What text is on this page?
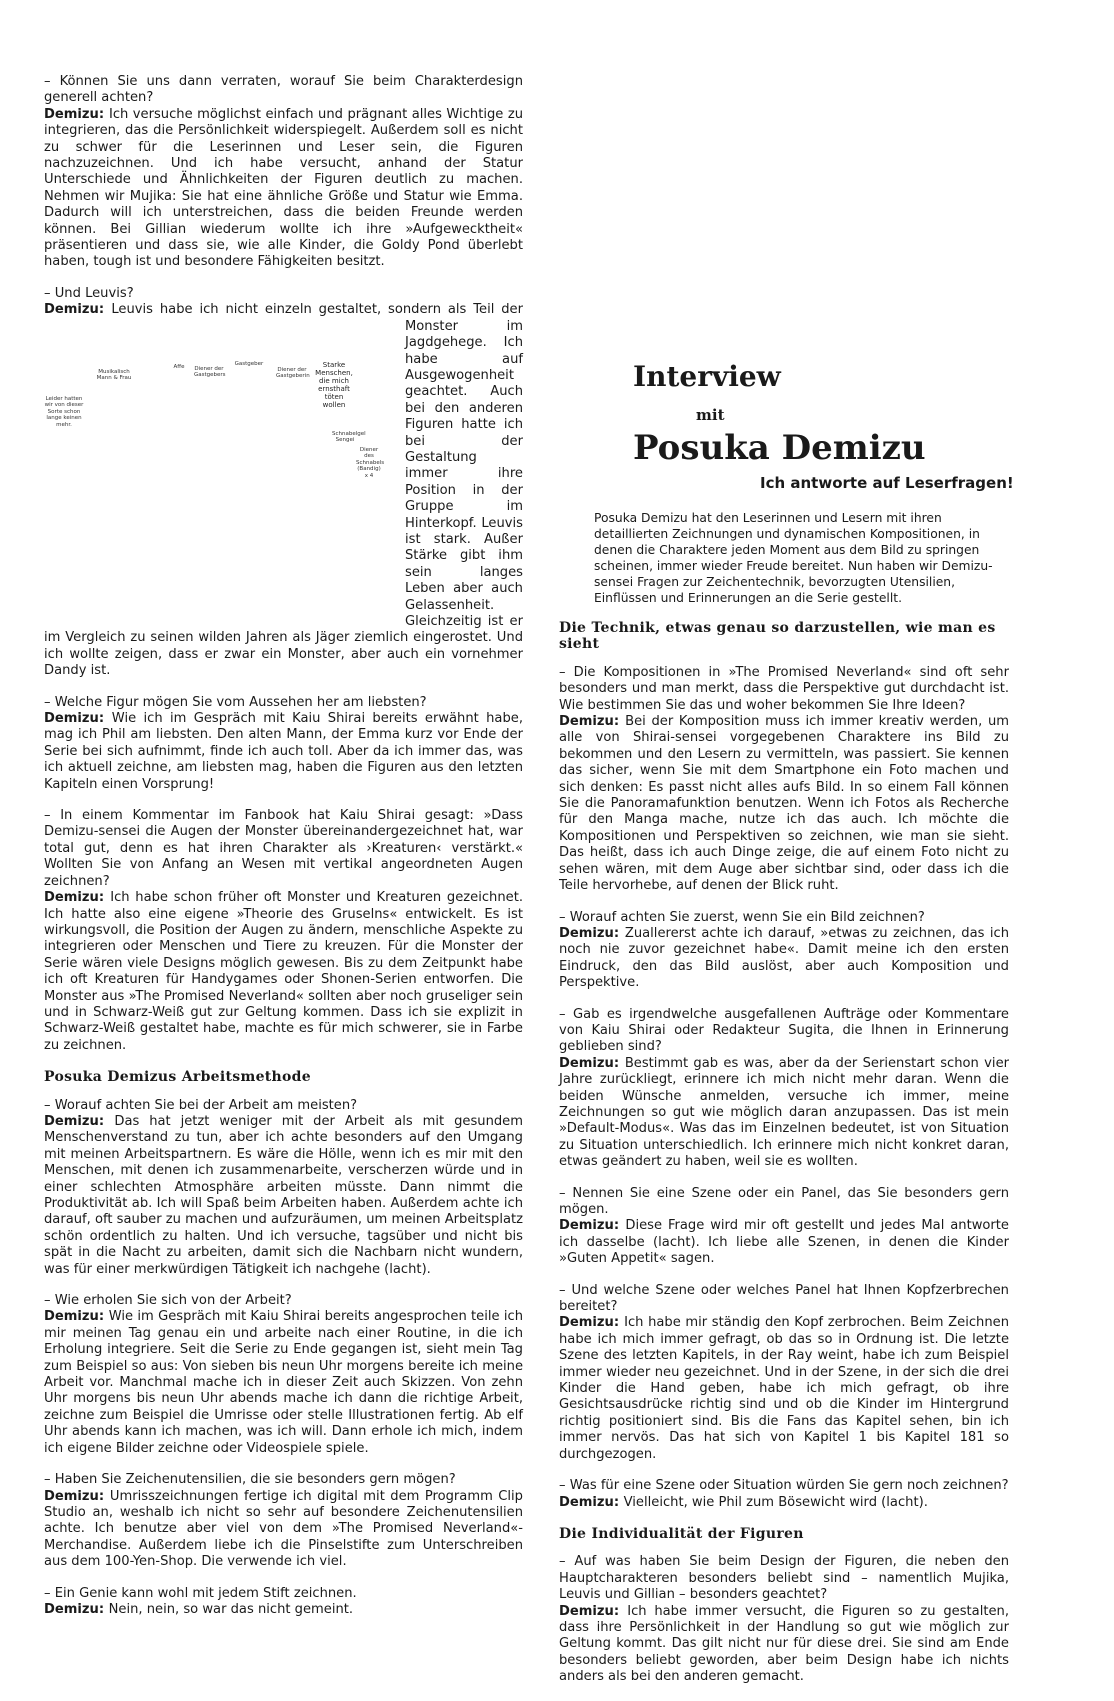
– Können Sie uns dann verraten, worauf Sie beim Charakterdesign generell achten?
Demizu: Ich versuche möglichst einfach und prägnant alles Wichtige zu integrieren, das die Persönlichkeit widerspiegelt. Außerdem soll es nicht zu schwer für die Leserinnen und Leser sein, die Figuren nachzuzeichnen. Und ich habe versucht, anhand der Statur Unterschiede und Ähnlichkeiten der Figuren deutlich zu machen. Nehmen wir Mujika: Sie hat eine ähnliche Größe und Statur wie Emma. Dadurch will ich unterstreichen, dass die beiden Freunde werden können. Bei Gillian wiederum wollte ich ihre »Aufgewecktheit« präsentieren und dass sie, wie alle Kinder, die Goldy Pond überlebt haben, tough ist und besondere Fähigkeiten besitzt.

– Und Leuvis?
Demizu: Leuvis habe ich nicht einzeln gestaltet, sondern als Teil der Monster
Leider hatten wir von dieser Sorte schon lange keinen mehr.
Musikalisch Mann & Frau
Affe	Diener der Gastgebers
Gastgeber
Diener der Gastgeberin
Starke Menschen, die mich ernsthaft töten wollen
Schnabelgel Sengei
Diener des Schnabels (Bandig) x 4
im Jagdgehege. Ich habe auf Ausgewogenheit geachtet. Auch bei den anderen Figuren hatte ich bei der Gestaltung immer ihre Position in der Gruppe im Hinterkopf. Leuvis ist stark. Außer Stärke gibt ihm sein langes Leben aber auch Gelassenheit. Gleichzeitig ist er im Vergleich zu seinen wilden Jahren als Jäger ziemlich eingerostet. Und ich wollte zeigen, dass er zwar ein Monster, aber auch ein vornehmer Dandy ist.

– Welche Figur mögen Sie vom Aussehen her am liebsten?
Demizu: Wie ich im Gespräch mit Kaiu Shirai bereits erwähnt habe, mag ich Phil am liebsten. Den alten Mann, der Emma kurz vor Ende der Serie bei sich aufnimmt, finde ich auch toll. Aber da ich immer das, was ich aktuell zeichne, am liebsten mag, haben die Figuren aus den letzten Kapiteln einen Vorsprung!

– In einem Kommentar im Fanbook hat Kaiu Shirai gesagt: »Dass Demizu-sensei die Augen der Monster übereinandergezeichnet hat, war total gut, denn es hat ihren Charakter als ›Kreaturen‹ verstärkt.« Wollten Sie von Anfang an Wesen mit vertikal angeordneten Augen zeichnen?
Demizu: Ich habe schon früher oft Monster und Kreaturen gezeichnet. Ich hatte also eine eigene »Theorie des Gruselns« entwickelt. Es ist wirkungsvoll, die Position der Augen zu ändern, menschliche Aspekte zu integrieren oder Menschen und Tiere zu kreuzen. Für die Monster der Serie wären viele Designs möglich gewesen. Bis zu dem Zeitpunkt habe ich oft Kreaturen für Handygames oder Shonen-Serien entworfen. Die Monster aus »The Promised Neverland« sollten aber noch gruseliger sein und in Schwarz-Weiß gut zur Geltung kommen. Dass ich sie explizit in Schwarz-Weiß gestaltet habe, machte es für mich schwerer, sie in Farbe zu zeichnen.

Posuka Demizus Arbeitsmethode

– Worauf achten Sie bei der Arbeit am meisten?
Demizu: Das hat jetzt weniger mit der Arbeit als mit gesundem Menschenverstand zu tun, aber ich achte besonders auf den Umgang mit meinen Arbeitspartnern. Es wäre die Hölle, wenn ich es mir mit den Menschen, mit denen ich zusammenarbeite, verscherzen würde und in einer schlechten Atmosphäre arbeiten müsste. Dann nimmt die Produktivität ab. Ich will Spaß beim Arbeiten haben. Außerdem achte ich darauf, oft sauber zu machen und aufzuräumen, um meinen Arbeitsplatz schön ordentlich zu halten. Und ich versuche, tagsüber und nicht bis spät in die Nacht zu arbeiten, damit sich die Nachbarn nicht wundern, was für einer merkwürdigen Tätigkeit ich nachgehe (lacht).

– Wie erholen Sie sich von der Arbeit?
Demizu: Wie im Gespräch mit Kaiu Shirai bereits angesprochen teile ich mir meinen Tag genau ein und arbeite nach einer Routine, in die ich Erholung integriere. Seit die Serie zu Ende gegangen ist, sieht mein Tag zum Beispiel so aus: Von sieben bis neun Uhr morgens bereite ich meine Arbeit vor. Manchmal mache ich in dieser Zeit auch Skizzen. Von zehn Uhr morgens bis neun Uhr abends mache ich dann die richtige Arbeit, zeichne zum Beispiel die Umrisse oder stelle Illustrationen fertig. Ab elf Uhr abends kann ich machen, was ich will. Dann erhole ich mich, indem ich eigene Bilder zeichne oder Videospiele spiele.

– Haben Sie Zeichenutensilien, die sie besonders gern mögen?
Demizu: Umrisszeichnungen fertige ich digital mit dem Programm Clip Studio an, weshalb ich nicht so sehr auf besondere Zeichenutensilien achte. Ich benutze aber viel von dem »The Promised Neverland«-Merchandise. Außerdem liebe ich die Pinselstifte zum Unterschreiben aus dem 100-Yen-Shop. Die verwende ich viel.

– Ein Genie kann wohl mit jedem Stift zeichnen.
Demizu: Nein, nein, so war das nicht gemeint.

Interview
mit
Posuka Demizu
Ich antworte auf Leserfragen!
Posuka Demizu hat den Leserinnen und Lesern mit ihren detaillierten Zeichnungen und dynamischen Kompositionen, in denen die Charaktere jeden Moment aus dem Bild zu springen scheinen, immer wieder Freude bereitet. Nun haben wir Demizu-sensei Fragen zur Zeichentechnik, bevorzugten Utensilien, Einflüssen und Erinnerungen an die Serie gestellt.
Die Technik, etwas genau so darzustellen, wie man es sieht

– Die Kompositionen in »The Promised Neverland« sind oft sehr besonders und man merkt, dass die Perspektive gut durchdacht ist. Wie bestimmen Sie das und woher bekommen Sie Ihre Ideen?
Demizu: Bei der Komposition muss ich immer kreativ werden, um alle von Shirai-sensei vorgegebenen Charaktere ins Bild zu bekommen und den Lesern zu vermitteln, was passiert. Sie kennen das sicher, wenn Sie mit dem Smartphone ein Foto machen und sich denken: Es passt nicht alles aufs Bild. In so einem Fall können Sie die Panoramafunktion benutzen. Wenn ich Fotos als Recherche für den Manga mache, nutze ich das auch. Ich möchte die Kompositionen und Perspektiven so zeichnen, wie man sie sieht. Das heißt, dass ich auch Dinge zeige, die auf einem Foto nicht zu sehen wären, mit dem Auge aber sichtbar sind, oder dass ich die Teile hervorhebe, auf denen der Blick ruht.

– Worauf achten Sie zuerst, wenn Sie ein Bild zeichnen?
Demizu: Zuallererst achte ich darauf, »etwas zu zeichnen, das ich noch nie zuvor gezeichnet habe«. Damit meine ich den ersten Eindruck, den das Bild auslöst, aber auch Komposition und Perspektive.

– Gab es irgendwelche ausgefallenen Aufträge oder Kommentare von Kaiu Shirai oder Redakteur Sugita, die Ihnen in Erinnerung geblieben sind?
Demizu: Bestimmt gab es was, aber da der Serienstart schon vier Jahre zurückliegt, erinnere ich mich nicht mehr daran. Wenn die beiden Wünsche anmelden, versuche ich immer, meine Zeichnungen so gut wie möglich daran anzupassen. Das ist mein »Default-Modus«. Was das im Einzelnen bedeutet, ist von Situation zu Situation unterschiedlich. Ich erinnere mich nicht konkret daran, etwas geändert zu haben, weil sie es wollten.

– Nennen Sie eine Szene oder ein Panel, das Sie besonders gern mögen.
Demizu: Diese Frage wird mir oft gestellt und jedes Mal antworte ich dasselbe (lacht). Ich liebe alle Szenen, in denen die Kinder »Guten Appetit« sagen.

– Und welche Szene oder welches Panel hat Ihnen Kopfzerbrechen bereitet?
Demizu: Ich habe mir ständig den Kopf zerbrochen. Beim Zeichnen habe ich mich immer gefragt, ob das so in Ordnung ist. Die letzte Szene des letzten Kapitels, in der Ray weint, habe ich zum Beispiel immer wieder neu gezeichnet. Und in der Szene, in der sich die drei Kinder die Hand geben, habe ich mich gefragt, ob ihre Gesichtsausdrücke richtig sind und ob die Kinder im Hintergrund richtig positioniert sind. Bis die Fans das Kapitel sehen, bin ich immer nervös. Das hat sich von Kapitel 1 bis Kapitel 181 so durchgezogen.

– Was für eine Szene oder Situation würden Sie gern noch zeichnen?
Demizu: Vielleicht, wie Phil zum Bösewicht wird (lacht).

Die Individualität der Figuren

– Auf was haben Sie beim Design der Figuren, die neben den Hauptcharakteren besonders beliebt sind – namentlich Mujika, Leuvis und Gillian – besonders geachtet?
Demizu: Ich habe immer versucht, die Figuren so zu gestalten, dass ihre Persönlichkeit in der Handlung so gut wie möglich zur Geltung kommt. Das gilt nicht nur für diese drei. Sie sind am Ende besonders beliebt geworden, aber beim Design habe ich nichts anders als bei den anderen gemacht.
